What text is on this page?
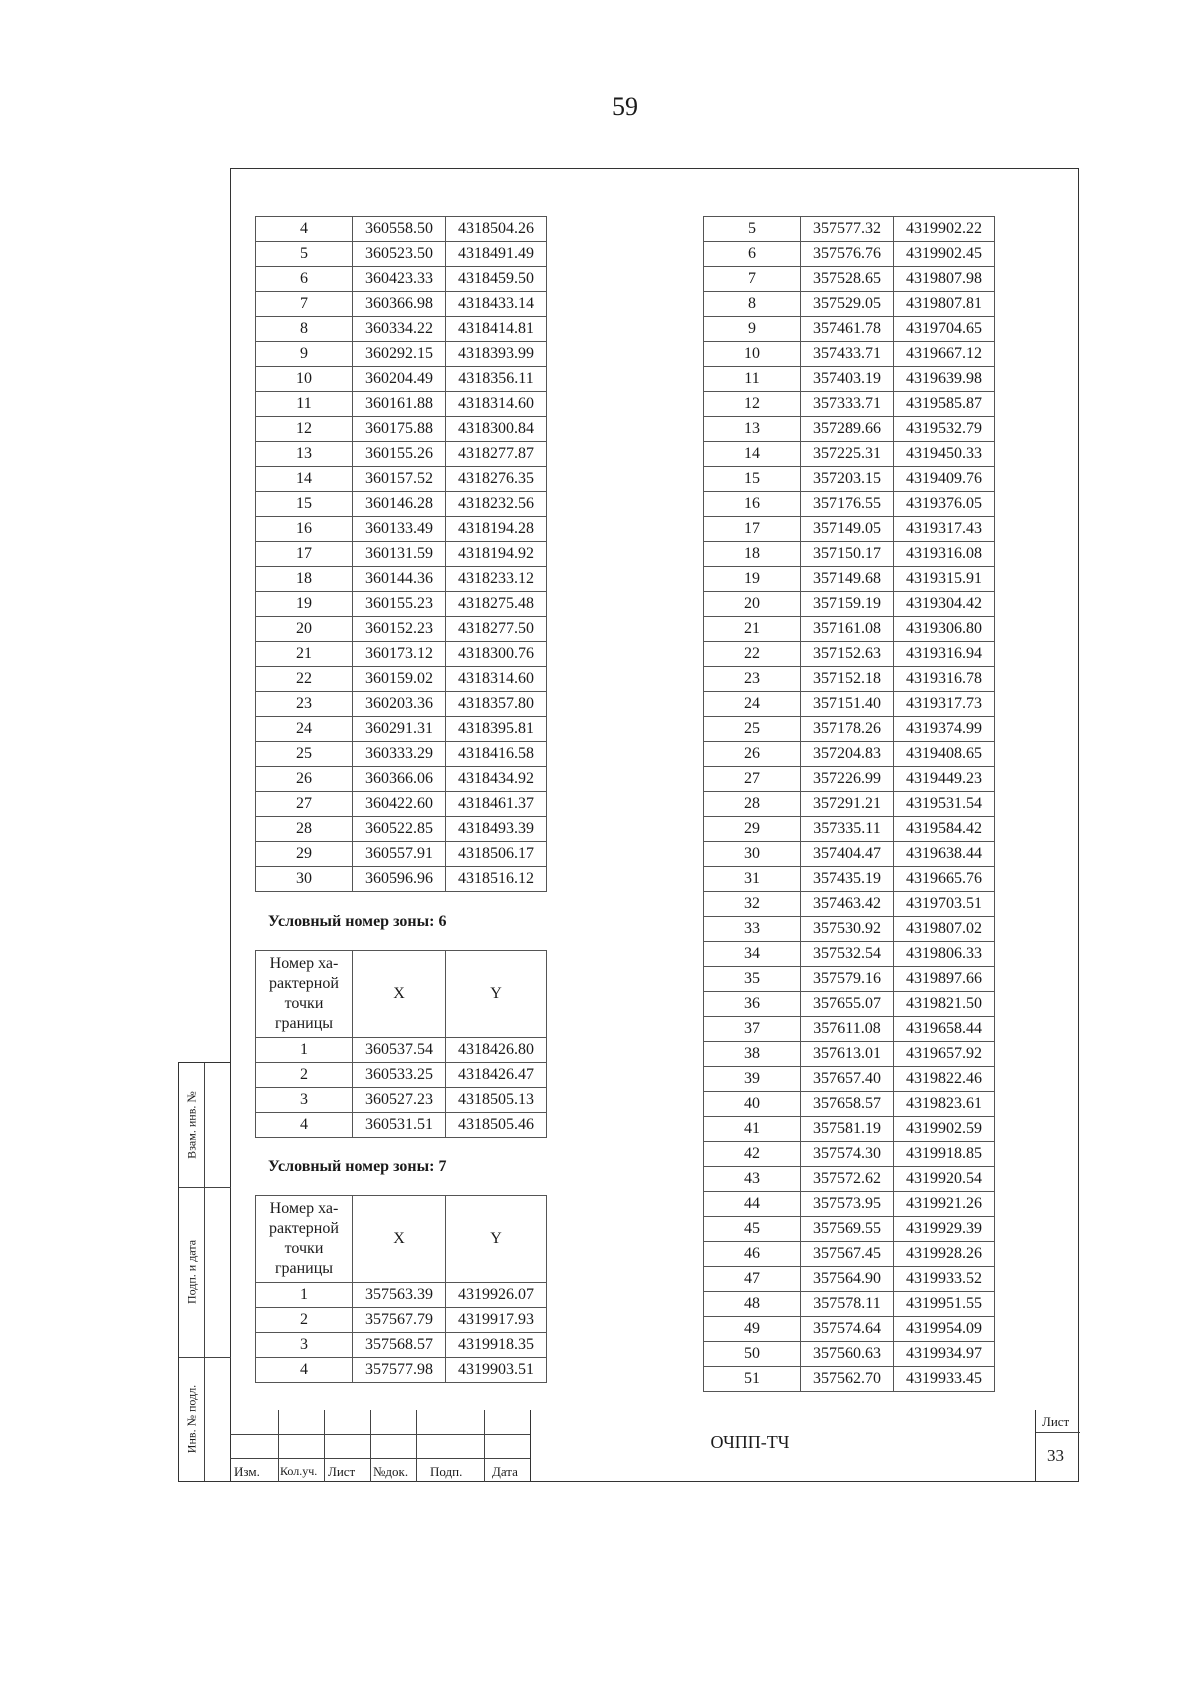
59
Взам. инв. №
Подп. и дата
Инв. № подл.
4	360558.50	4318504.26
5	360523.50	4318491.49
6	360423.33	4318459.50
7	360366.98	4318433.14
8	360334.22	4318414.81
9	360292.15	4318393.99
10	360204.49	4318356.11
11	360161.88	4318314.60
12	360175.88	4318300.84
13	360155.26	4318277.87
14	360157.52	4318276.35
15	360146.28	4318232.56
16	360133.49	4318194.28
17	360131.59	4318194.92
18	360144.36	4318233.12
19	360155.23	4318275.48
20	360152.23	4318277.50
21	360173.12	4318300.76
22	360159.02	4318314.60
23	360203.36	4318357.80
24	360291.31	4318395.81
25	360333.29	4318416.58
26	360366.06	4318434.92
27	360422.60	4318461.37
28	360522.85	4318493.39
29	360557.91	4318506.17
30	360596.96	4318516.12
Условный номер зоны: 6
Номер ха-рактерной точки границы	X	Y
1	360537.54	4318426.80
2	360533.25	4318426.47
3	360527.23	4318505.13
4	360531.51	4318505.46
Условный номер зоны: 7
Номер ха-рактерной точки границы	X	Y
1	357563.39	4319926.07
2	357567.79	4319917.93
3	357568.57	4319918.35
4	357577.98	4319903.51
5	357577.32	4319902.22
6	357576.76	4319902.45
7	357528.65	4319807.98
8	357529.05	4319807.81
9	357461.78	4319704.65
10	357433.71	4319667.12
11	357403.19	4319639.98
12	357333.71	4319585.87
13	357289.66	4319532.79
14	357225.31	4319450.33
15	357203.15	4319409.76
16	357176.55	4319376.05
17	357149.05	4319317.43
18	357150.17	4319316.08
19	357149.68	4319315.91
20	357159.19	4319304.42
21	357161.08	4319306.80
22	357152.63	4319316.94
23	357152.18	4319316.78
24	357151.40	4319317.73
25	357178.26	4319374.99
26	357204.83	4319408.65
27	357226.99	4319449.23
28	357291.21	4319531.54
29	357335.11	4319584.42
30	357404.47	4319638.44
31	357435.19	4319665.76
32	357463.42	4319703.51
33	357530.92	4319807.02
34	357532.54	4319806.33
35	357579.16	4319897.66
36	357655.07	4319821.50
37	357611.08	4319658.44
38	357613.01	4319657.92
39	357657.40	4319822.46
40	357658.57	4319823.61
41	357581.19	4319902.59
42	357574.30	4319918.85
43	357572.62	4319920.54
44	357573.95	4319921.26
45	357569.55	4319929.39
46	357567.45	4319928.26
47	357564.90	4319933.52
48	357578.11	4319951.55
49	357574.64	4319954.09
50	357560.63	4319934.97
51	357562.70	4319933.45
Изм. Кол.уч. Лист №док. Подп. Дата
ОЧПП-ТЧ
Лист
33
